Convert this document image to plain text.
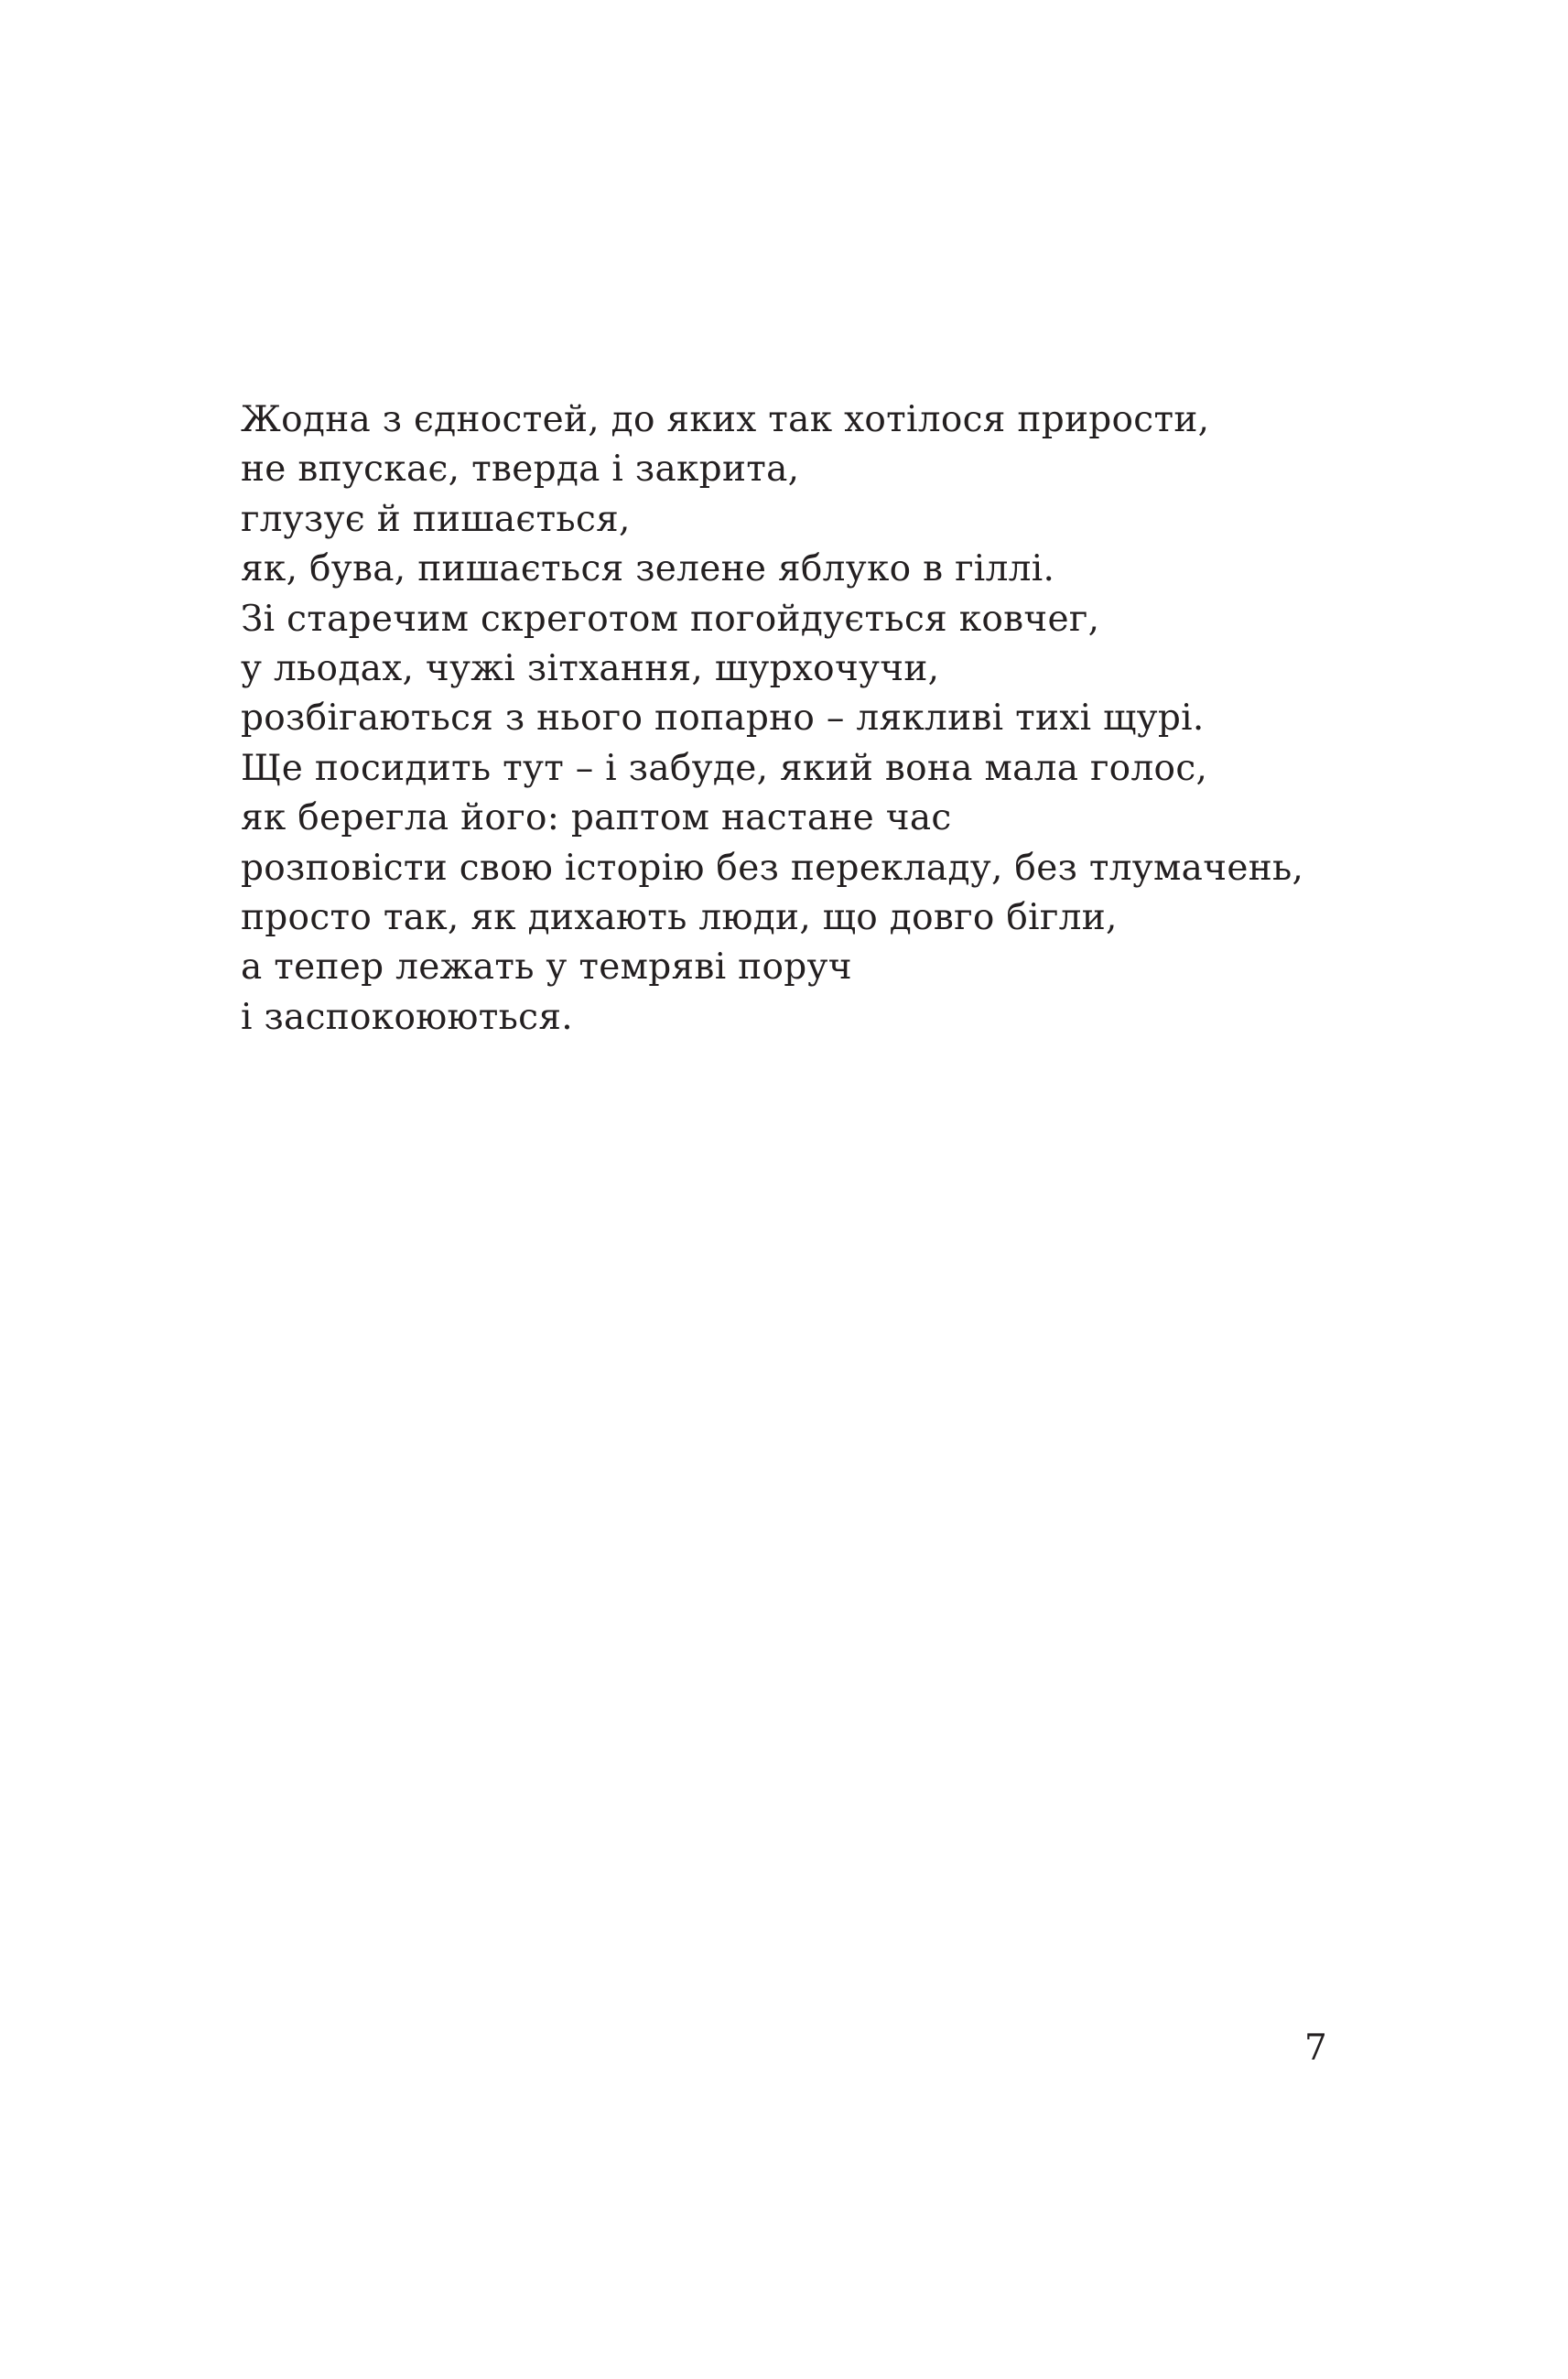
Жодна з єдностей, до яких так хотілося прирости,
не впускає, тверда і закрита,
глузує й пишається,
як, бува, пишається зелене яблуко в гіллі.
Зі старечим скреготом погойдується ковчег,
у льодах, чужі зітхання, шурхочучи,
розбігаються з нього попарно – лякливі тихі щурі.
Ще посидить тут – і забуде, який вона мала голос,
як берегла його: раптом настане час
розповісти свою історію без перекладу, без тлумачень,
просто так, як дихають люди, що довго бігли,
а тепер лежать у темряві поруч
і заспокоюються.
7
